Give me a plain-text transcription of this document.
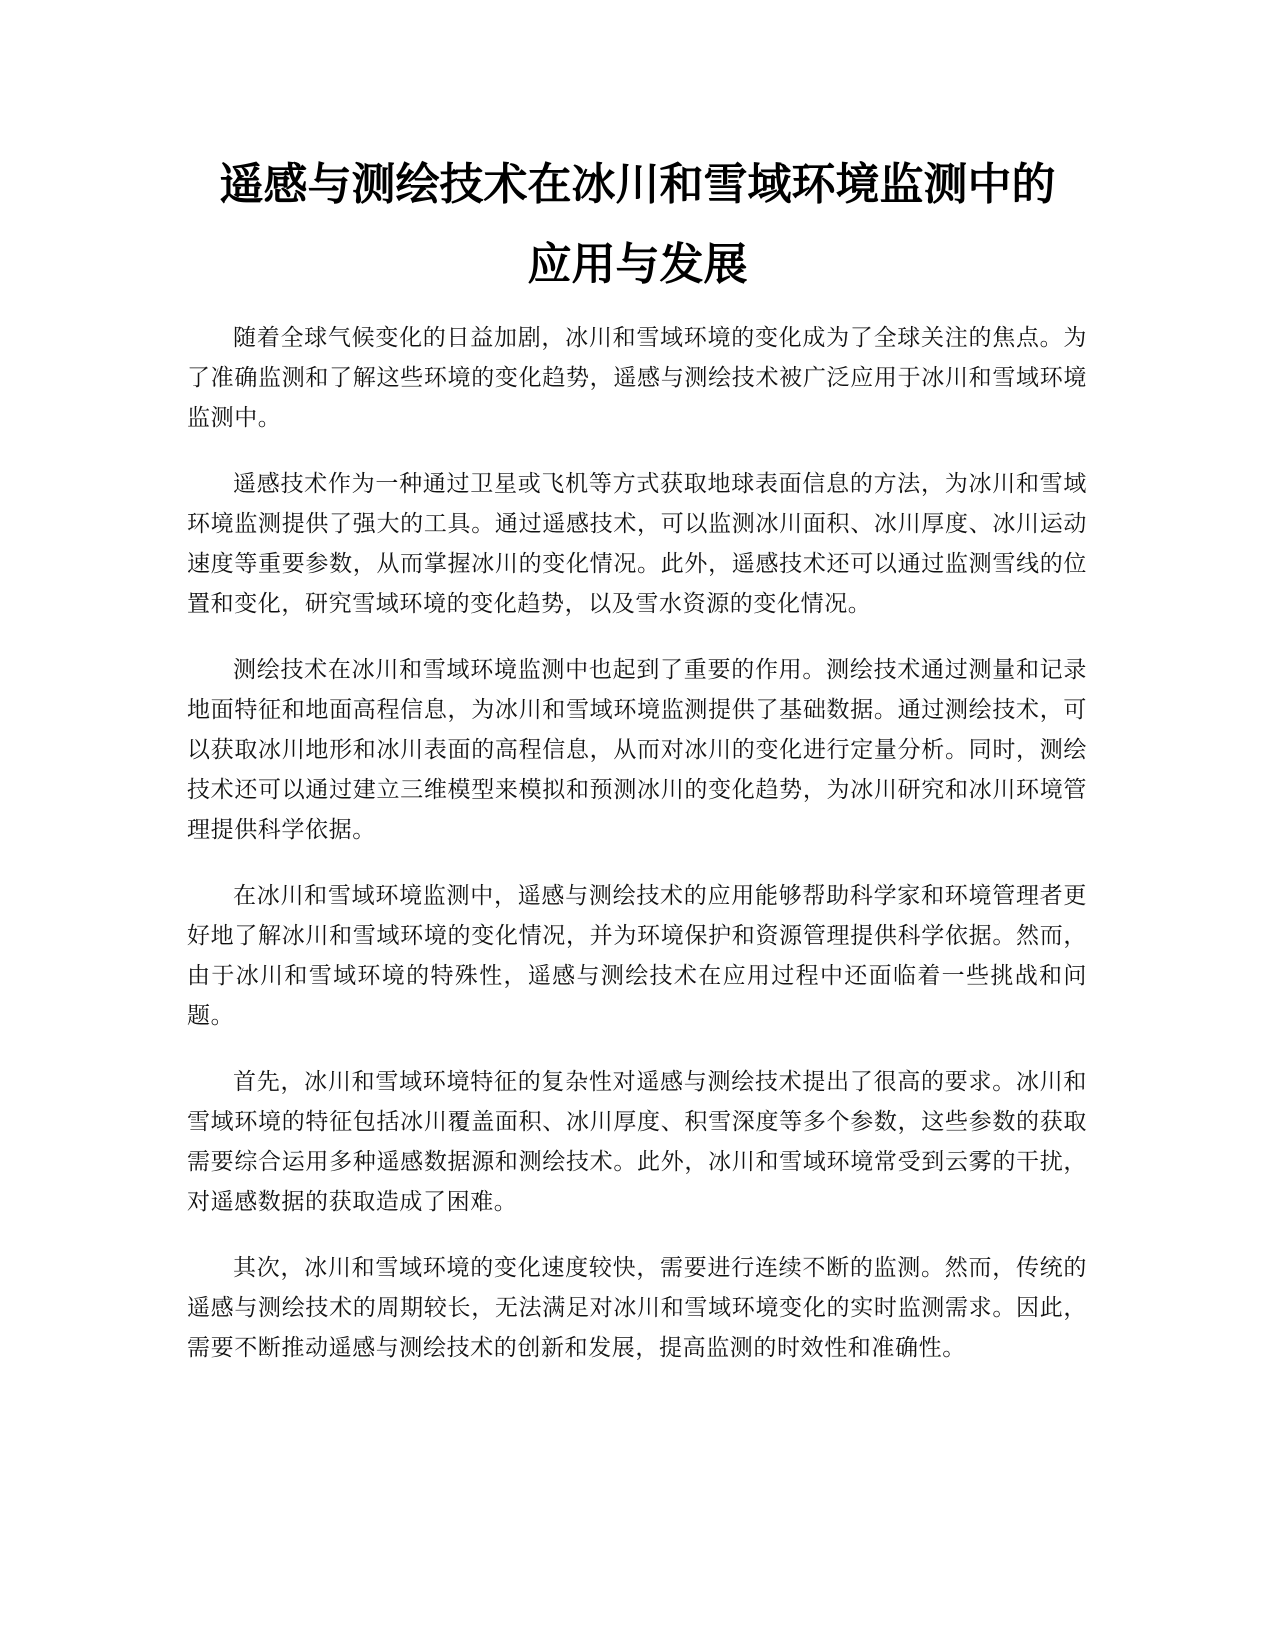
遥感与测绘技术在冰川和雪域环境监测中的
应用与发展

随着全球气候变化的日益加剧，冰川和雪域环境的变化成为了全球关注的焦点。为了准确监测和了解这些环境的变化趋势，遥感与测绘技术被广泛应用于冰川和雪域环境监测中。

遥感技术作为一种通过卫星或飞机等方式获取地球表面信息的方法，为冰川和雪域环境监测提供了强大的工具。通过遥感技术，可以监测冰川面积、冰川厚度、冰川运动速度等重要参数，从而掌握冰川的变化情况。此外，遥感技术还可以通过监测雪线的位置和变化，研究雪域环境的变化趋势，以及雪水资源的变化情况。

测绘技术在冰川和雪域环境监测中也起到了重要的作用。测绘技术通过测量和记录地面特征和地面高程信息，为冰川和雪域环境监测提供了基础数据。通过测绘技术，可以获取冰川地形和冰川表面的高程信息，从而对冰川的变化进行定量分析。同时，测绘技术还可以通过建立三维模型来模拟和预测冰川的变化趋势，为冰川研究和冰川环境管理提供科学依据。

在冰川和雪域环境监测中，遥感与测绘技术的应用能够帮助科学家和环境管理者更好地了解冰川和雪域环境的变化情况，并为环境保护和资源管理提供科学依据。然而，由于冰川和雪域环境的特殊性，遥感与测绘技术在应用过程中还面临着一些挑战和问题。

首先，冰川和雪域环境特征的复杂性对遥感与测绘技术提出了很高的要求。冰川和雪域环境的特征包括冰川覆盖面积、冰川厚度、积雪深度等多个参数，这些参数的获取需要综合运用多种遥感数据源和测绘技术。此外，冰川和雪域环境常受到云雾的干扰，对遥感数据的获取造成了困难。

其次，冰川和雪域环境的变化速度较快，需要进行连续不断的监测。然而，传统的遥感与测绘技术的周期较长，无法满足对冰川和雪域环境变化的实时监测需求。因此，需要不断推动遥感与测绘技术的创新和发展，提高监测的时效性和准确性。
